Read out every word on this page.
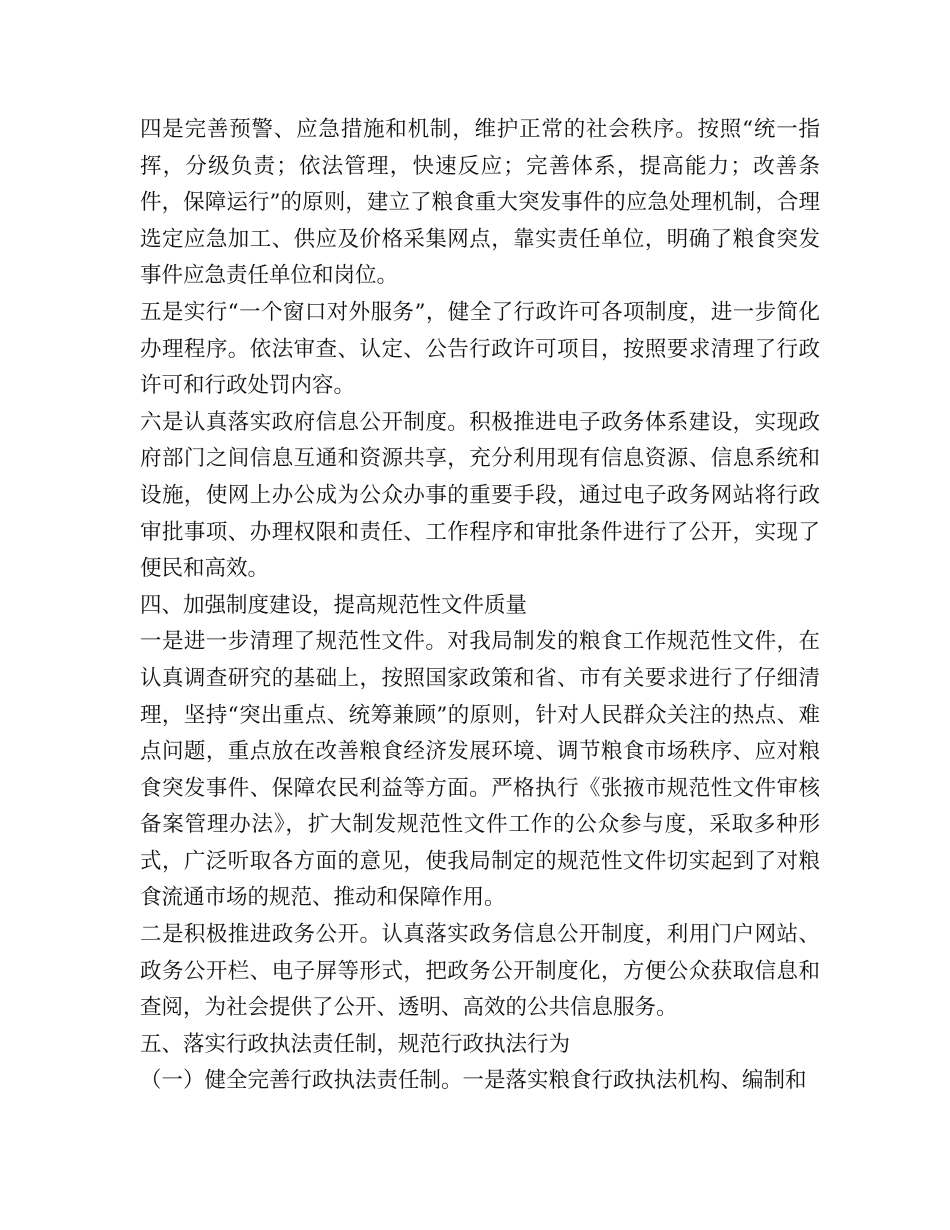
四是完善预警、应急措施和机制，维护正常的社会秩序。按照“统一指挥，分级负责；依法管理，快速反应；完善体系，提高能力；改善条件，保障运行”的原则，建立了粮食重大突发事件的应急处理机制，合理选定应急加工、供应及价格采集网点，靠实责任单位，明确了粮食突发事件应急责任单位和岗位。

五是实行“一个窗口对外服务”，健全了行政许可各项制度，进一步简化办理程序。依法审查、认定、公告行政许可项目，按照要求清理了行政许可和行政处罚内容。

六是认真落实政府信息公开制度。积极推进电子政务体系建设，实现政府部门之间信息互通和资源共享，充分利用现有信息资源、信息系统和设施，使网上办公成为公众办事的重要手段，通过电子政务网站将行政审批事项、办理权限和责任、工作程序和审批条件进行了公开，实现了便民和高效。

四、加强制度建设，提高规范性文件质量

一是进一步清理了规范性文件。对我局制发的粮食工作规范性文件，在认真调查研究的基础上，按照国家政策和省、市有关要求进行了仔细清理，坚持“突出重点、统筹兼顾”的原则，针对人民群众关注的热点、难点问题，重点放在改善粮食经济发展环境、调节粮食市场秩序、应对粮食突发事件、保障农民利益等方面。严格执行《张掖市规范性文件审核备案管理办法》，扩大制发规范性文件工作的公众参与度，采取多种形式，广泛听取各方面的意见，使我局制定的规范性文件切实起到了对粮食流通市场的规范、推动和保障作用。

二是积极推进政务公开。认真落实政务信息公开制度，利用门户网站、政务公开栏、电子屏等形式，把政务公开制度化，方便公众获取信息和查阅，为社会提供了公开、透明、高效的公共信息服务。

五、落实行政执法责任制，规范行政执法行为

（一）健全完善行政执法责任制。一是落实粮食行政执法机构、编制和
